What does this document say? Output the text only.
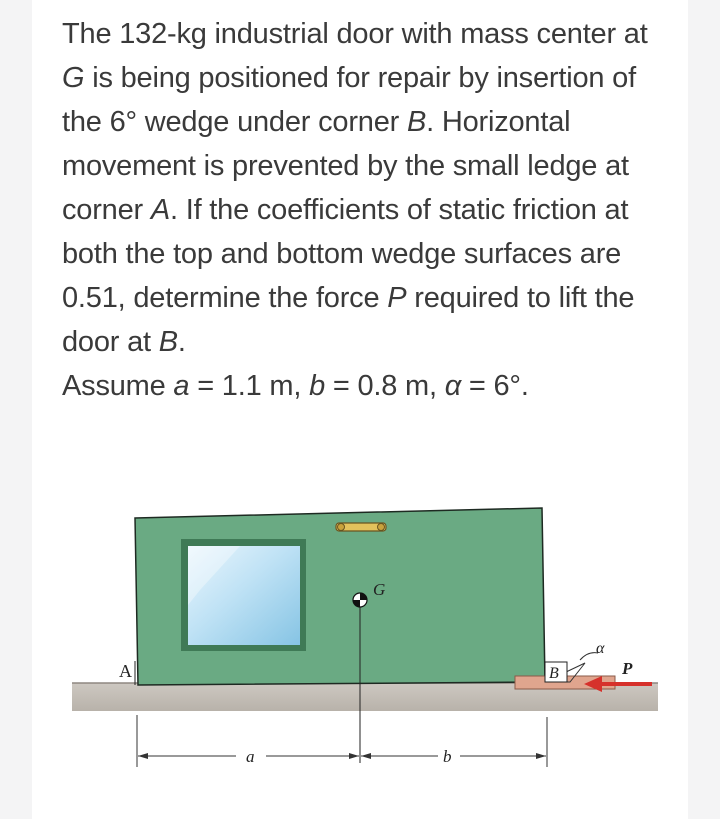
The 132-kg industrial door with mass center at G is being positioned for repair by insertion of the 6° wedge under corner B. Horizontal movement is prevented by the small ledge at corner A. If the coefficients of static friction at both the top and bottom wedge surfaces are 0.51, determine the force P required to lift the door at B.

Assume a = 1.1 m, b = 0.8 m, α = 6°.

G
A	B
α
P
a	b
